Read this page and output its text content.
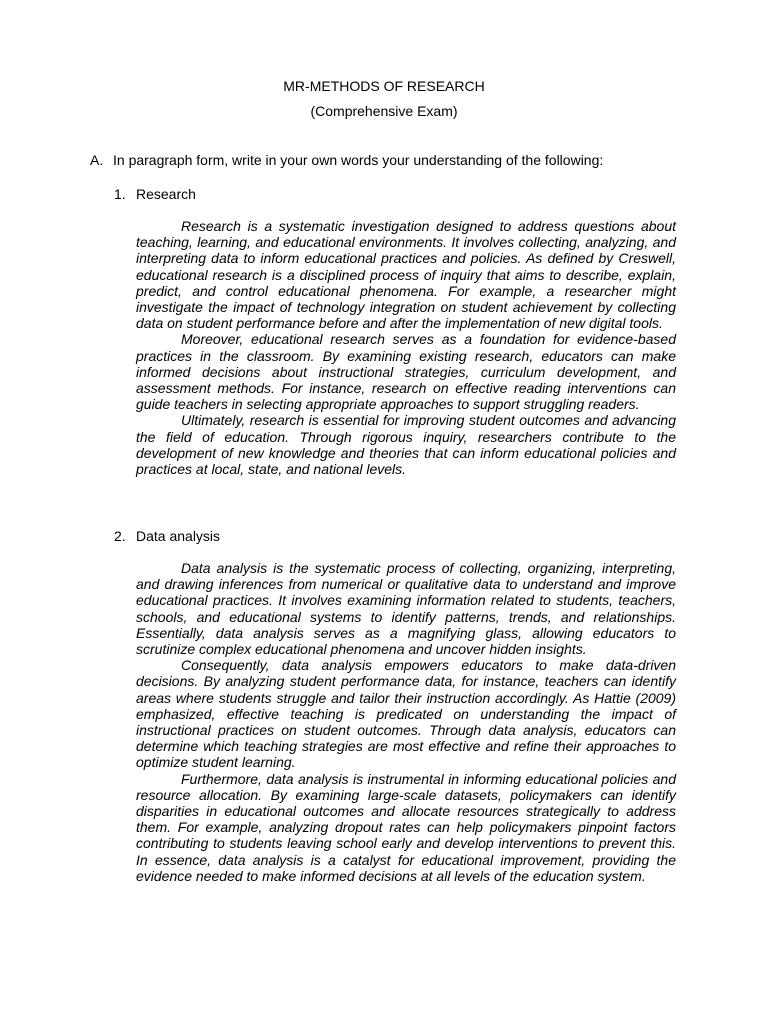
MR-METHODS OF RESEARCH
(Comprehensive Exam)
A. In paragraph form, write in your own words your understanding of the following:
1. Research

Research is a systematic investigation designed to address questions about teaching, learning, and educational environments. It involves collecting, analyzing, and interpreting data to inform educational practices and policies. As defined by Creswell, educational research is a disciplined process of inquiry that aims to describe, explain, predict, and control educational phenomena. For example, a researcher might investigate the impact of technology integration on student achievement by collecting data on student performance before and after the implementation of new digital tools.

Moreover, educational research serves as a foundation for evidence-based practices in the classroom. By examining existing research, educators can make informed decisions about instructional strategies, curriculum development, and assessment methods. For instance, research on effective reading interventions can guide teachers in selecting appropriate approaches to support struggling readers.

Ultimately, research is essential for improving student outcomes and advancing the field of education. Through rigorous inquiry, researchers contribute to the development of new knowledge and theories that can inform educational policies and practices at local, state, and national levels.

2. Data analysis

Data analysis is the systematic process of collecting, organizing, interpreting, and drawing inferences from numerical or qualitative data to understand and improve educational practices. It involves examining information related to students, teachers, schools, and educational systems to identify patterns, trends, and relationships. Essentially, data analysis serves as a magnifying glass, allowing educators to scrutinize complex educational phenomena and uncover hidden insights.

Consequently, data analysis empowers educators to make data-driven decisions. By analyzing student performance data, for instance, teachers can identify areas where students struggle and tailor their instruction accordingly. As Hattie (2009) emphasized, effective teaching is predicated on understanding the impact of instructional practices on student outcomes. Through data analysis, educators can determine which teaching strategies are most effective and refine their approaches to optimize student learning.

Furthermore, data analysis is instrumental in informing educational policies and resource allocation. By examining large-scale datasets, policymakers can identify disparities in educational outcomes and allocate resources strategically to address them. For example, analyzing dropout rates can help policymakers pinpoint factors contributing to students leaving school early and develop interventions to prevent this. In essence, data analysis is a catalyst for educational improvement, providing the evidence needed to make informed decisions at all levels of the education system.
